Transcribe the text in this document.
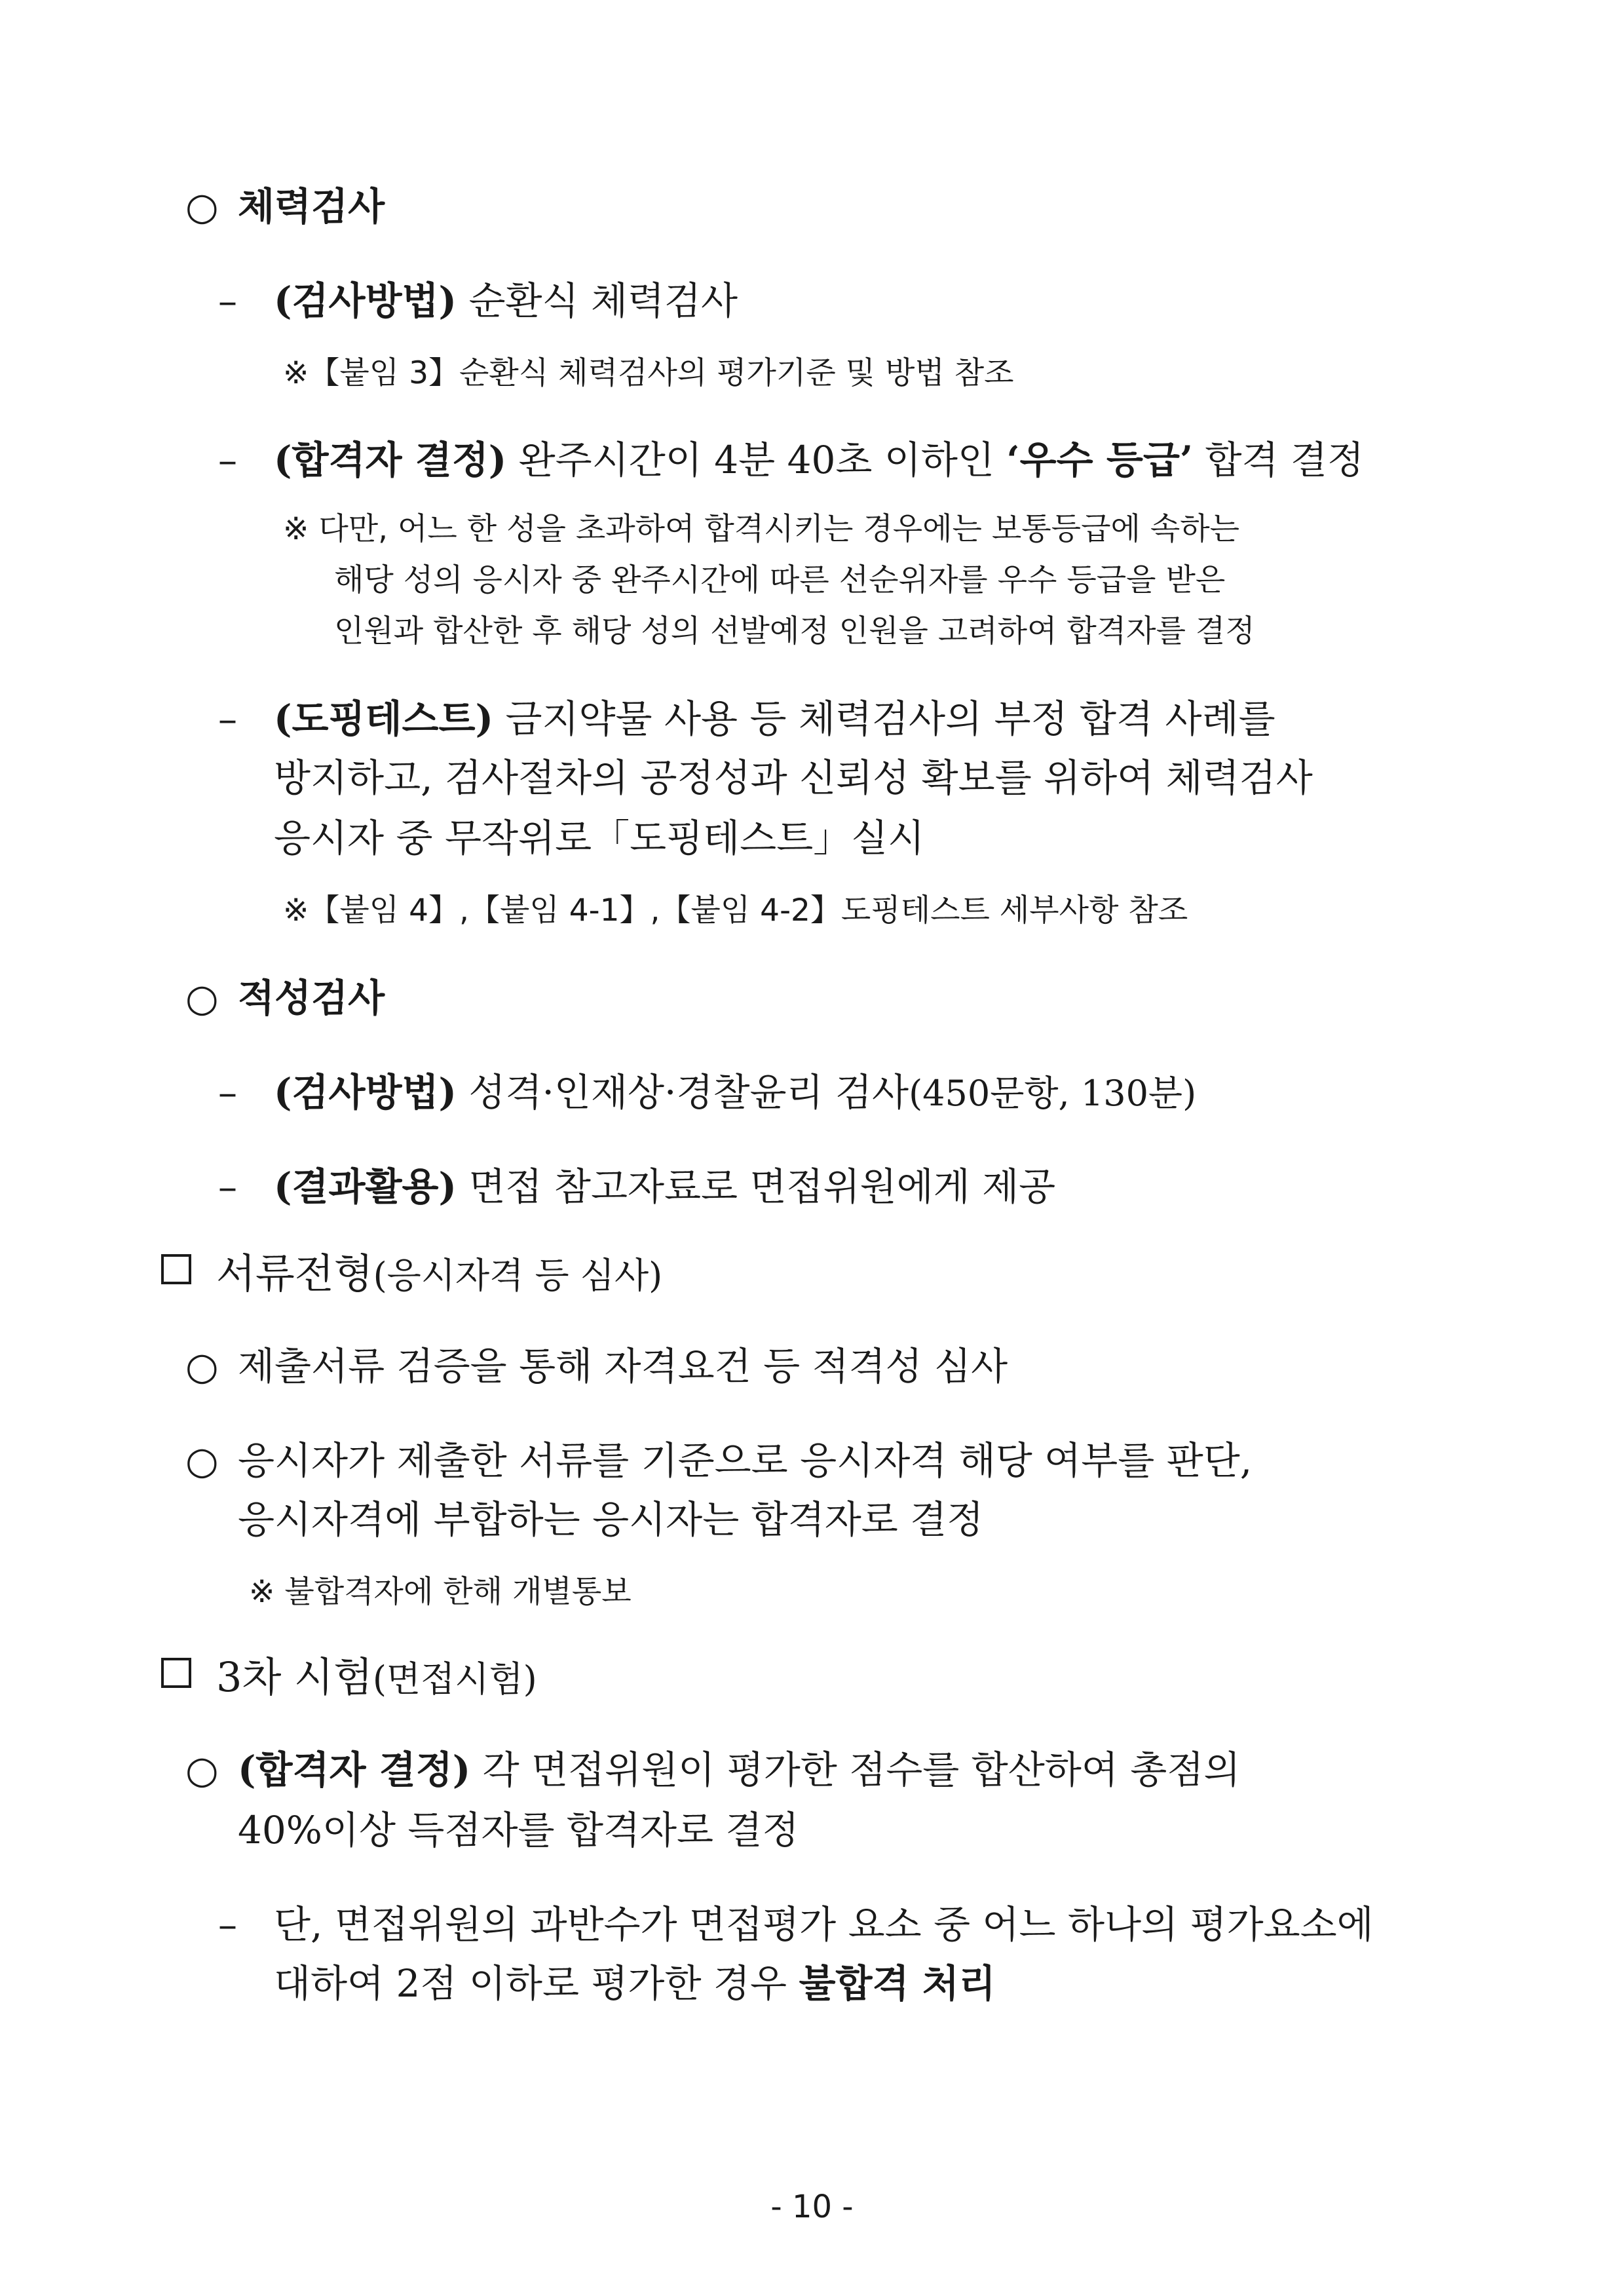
○ 체력검사
– (검사방법) 순환식 체력검사
※【붙임 3】순환식 체력검사의 평가기준 및 방법 참조
– (합격자 결정) 완주시간이 4분 40초 이하인 ‘우수 등급’ 합격 결정
※ 다만, 어느 한 성을 초과하여 합격시키는 경우에는 보통등급에 속하는
해당 성의 응시자 중 완주시간에 따른 선순위자를 우수 등급을 받은
인원과 합산한 후 해당 성의 선발예정 인원을 고려하여 합격자를 결정
– (도핑테스트) 금지약물 사용 등 체력검사의 부정 합격 사례를
방지하고, 검사절차의 공정성과 신뢰성 확보를 위하여 체력검사
응시자 중 무작위로「도핑테스트」실시
※【붙임 4】,【붙임 4-1】,【붙임 4-2】도핑테스트 세부사항 참조
○ 적성검사
– (검사방법) 성격·인재상·경찰윤리 검사(450문항, 130분)
– (결과활용) 면접 참고자료로 면접위원에게 제공
서류전형(응시자격 등 심사)
○ 제출서류 검증을 통해 자격요건 등 적격성 심사
○ 응시자가 제출한 서류를 기준으로 응시자격 해당 여부를 판단,
응시자격에 부합하는 응시자는 합격자로 결정
※ 불합격자에 한해 개별통보
3차 시험(면접시험)
○ (합격자 결정) 각 면접위원이 평가한 점수를 합산하여 총점의
40%이상 득점자를 합격자로 결정
– 단, 면접위원의 과반수가 면접평가 요소 중 어느 하나의 평가요소에
대하여 2점 이하로 평가한 경우 불합격 처리
- 10 -
